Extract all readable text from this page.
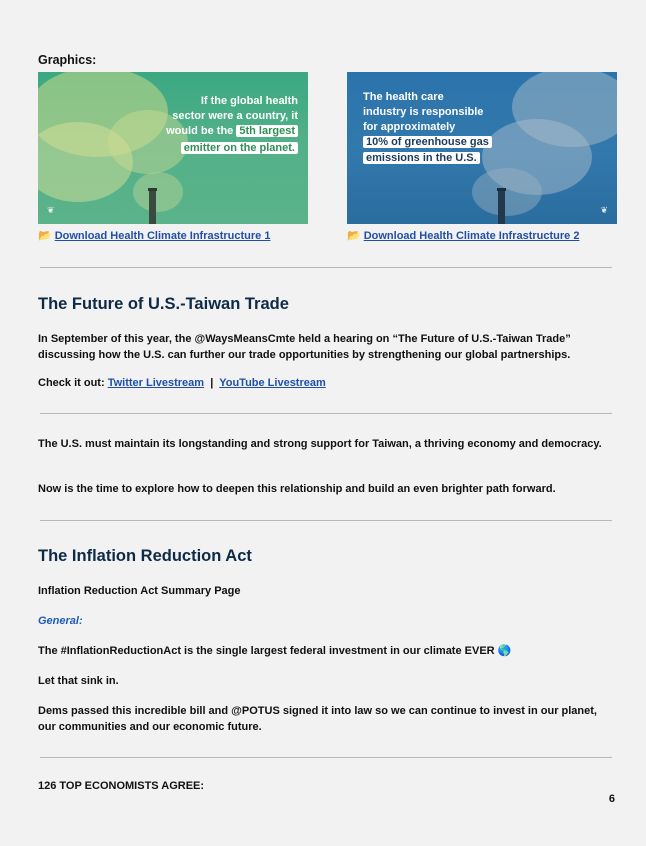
Graphics:
If the global health
sector were a country, it
would be the 5th largest
emitter on the planet.
❦
The health care
industry is responsible
for approximately
10% of greenhouse gas
emissions in the U.S.
❦
📂 Download Health Climate Infrastructure 1	📂 Download Health Climate Infrastructure 2
The Future of U.S.-Taiwan Trade
In September of this year, the @WaysMeansCmte held a hearing on “The Future of U.S.-Taiwan Trade” discussing how the U.S. can further our trade opportunities by strengthening our global partnerships.
Check it out: Twitter Livestream | YouTube Livestream
The U.S. must maintain its longstanding and strong support for Taiwan, a thriving economy and democracy.
Now is the time to explore how to deepen this relationship and build an even brighter path forward.
The Inflation Reduction Act
Inflation Reduction Act Summary Page
General:
The #InflationReductionAct is the single largest federal investment in our climate EVER 🌎
Let that sink in.
Dems passed this incredible bill and @POTUS signed it into law so we can continue to invest in our planet, our communities and our economic future.
126 TOP ECONOMISTS AGREE:
6
